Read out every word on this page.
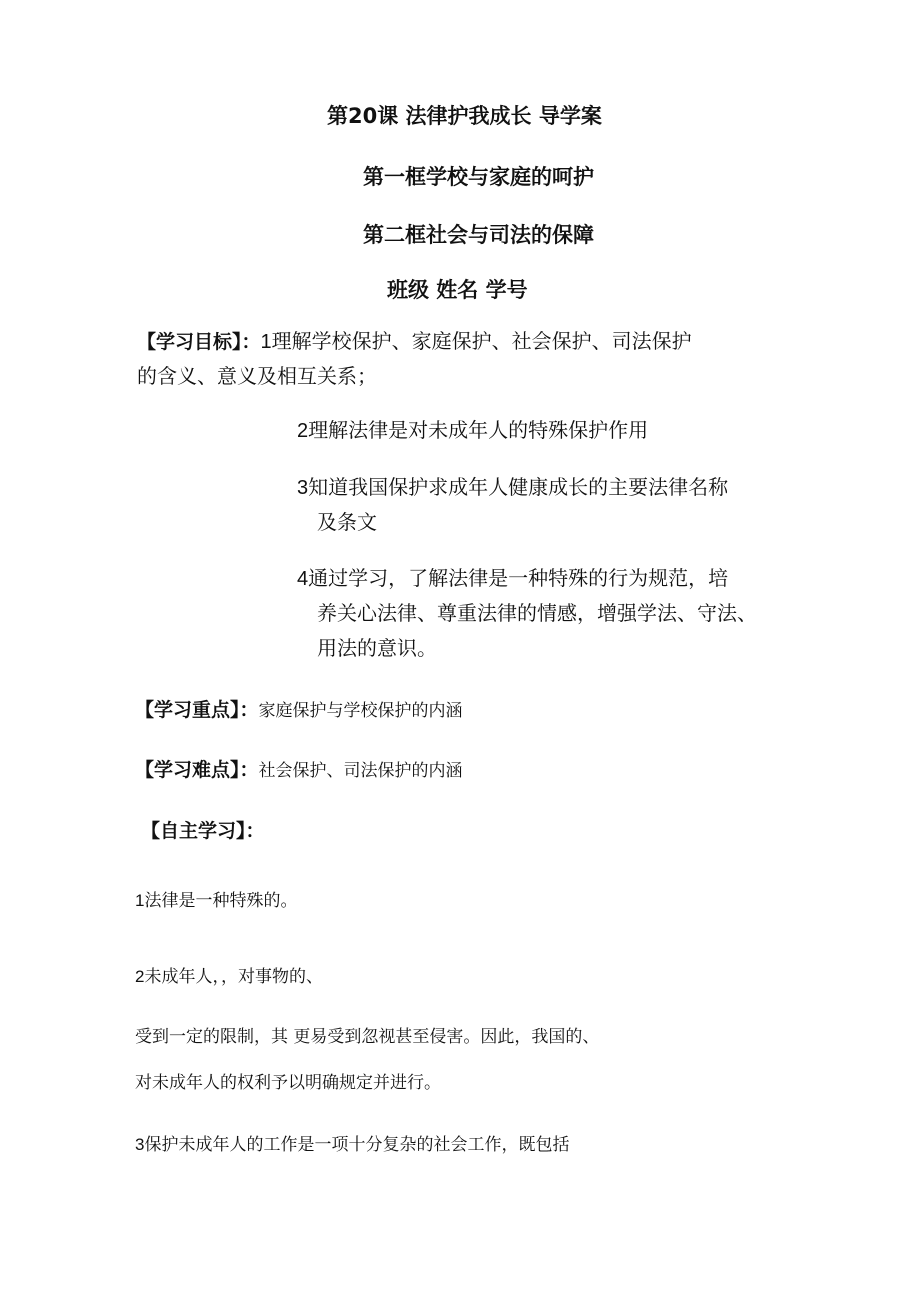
第20课 法律护我成长 导学案
第一框学校与家庭的呵护
第二框社会与司法的保障
班级 姓名 学号
【学习目标】：1理解学校保护、家庭保护、社会保护、司法保护
的含义、意义及相互关系；
2理解法律是对未成年人的特殊保护作用
3知道我国保护求成年人健康成长的主要法律名称
及条文
4通过学习，了解法律是一种特殊的行为规范，培
养关心法律、尊重法律的情感，增强学法、守法、
用法的意识。
【学习重点】：家庭保护与学校保护的内涵
【学习难点】：社会保护、司法保护的内涵
【自主学习】：
1法律是一种特殊的。
2未成年人，，对事物的、
受到一定的限制，其 更易受到忽视甚至侵害。因此，我国的、
对未成年人的权利予以明确规定并进行。
3保护未成年人的工作是一项十分复杂的社会工作，既包括
